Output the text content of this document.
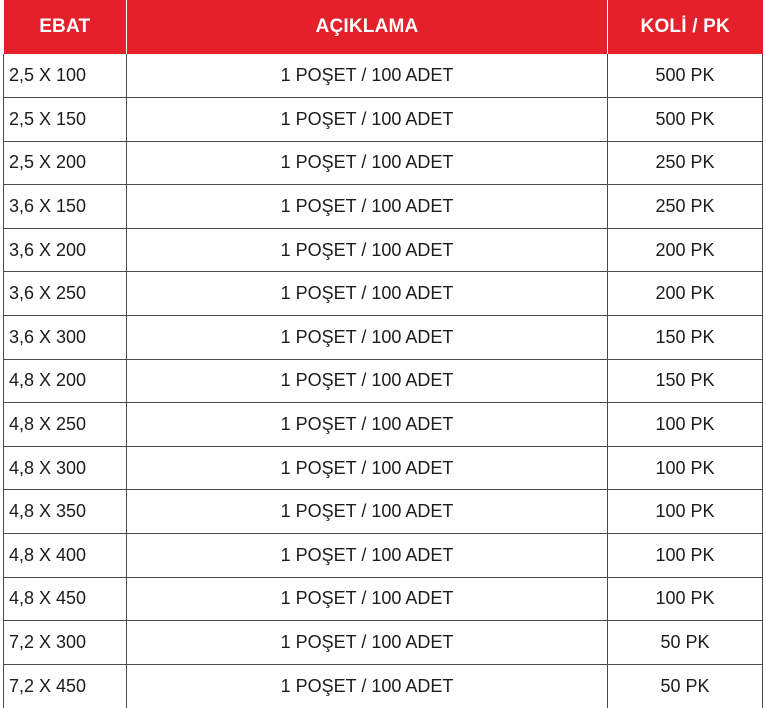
EBAT	AÇIKLAMA	KOLİ / PK
2,5 X 100	1 POŞET / 100 ADET	500 PK
2,5 X 150	1 POŞET / 100 ADET	500 PK
2,5 X 200	1 POŞET / 100 ADET	250 PK
3,6 X 150	1 POŞET / 100 ADET	250 PK
3,6 X 200	1 POŞET / 100 ADET	200 PK
3,6 X 250	1 POŞET / 100 ADET	200 PK
3,6 X 300	1 POŞET / 100 ADET	150 PK
4,8 X 200	1 POŞET / 100 ADET	150 PK
4,8 X 250	1 POŞET / 100 ADET	100 PK
4,8 X 300	1 POŞET / 100 ADET	100 PK
4,8 X 350	1 POŞET / 100 ADET	100 PK
4,8 X 400	1 POŞET / 100 ADET	100 PK
4,8 X 450	1 POŞET / 100 ADET	100 PK
7,2 X 300	1 POŞET / 100 ADET	50 PK
7,2 X 450	1 POŞET / 100 ADET	50 PK
